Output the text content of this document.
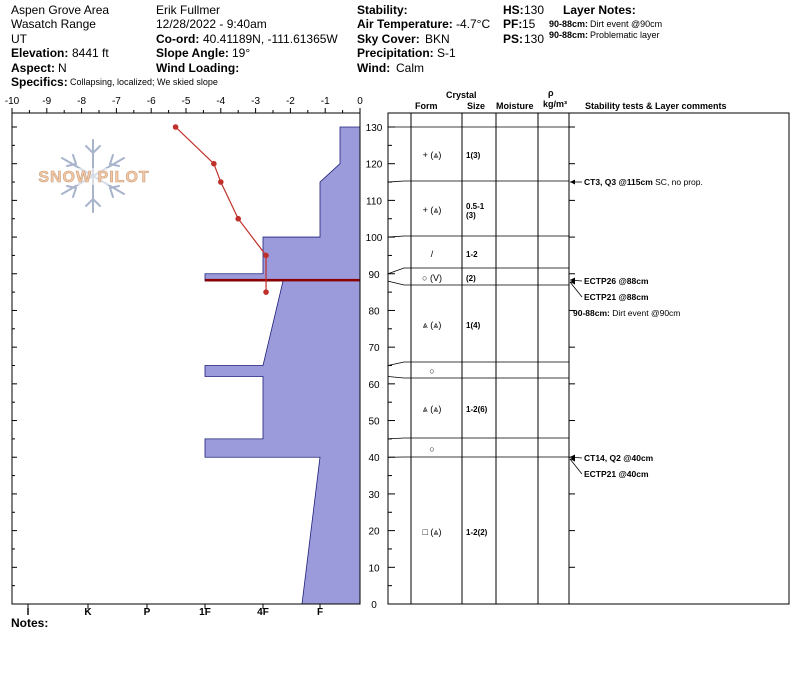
Aspen Grove Area
Wasatch Range
UT
Elevation: 8441 ft
Aspect: N
Erik Fullmer
12/28/2022 - 9:40am
Co-ord: 40.41189N, -111.61365W
Slope Angle: 19°
Wind Loading:
Stability:
Air Temperature: -4.7°C
Sky Cover: BKN
Precipitation: S-1
Wind: Calm
HS: 130
PF: 15
PS: 130
Layer Notes:
90-88cm: Dirt event @90cm
90-88cm: Problematic layer
Specifics: Collapsing, localized; We skied slope
Crystal
Form	Size Moisture
ρ
kg/m³ Stability tests & Layer comments
SNOW PILOT
-10 -9	-8	-7	-6	-5	-4	-3	-2	-1	0
I	K	P	1F	4F	F
0
10
20
30
40
50
60
70
80
90
100
110
120
130
+ (⩓)	1(3)
+ (⩓)	0.5-1
(3)
/	1-2
○ (V)	(2)
⩓ (⩓)	1(4)
○
⩓ (⩓)	1-2(6)
○
□ (⩓)	1-2(2)
CT3, Q3 @115cm SC, no prop.
ECTP26 @88cm
ECTP21 @88cm
90-88cm: Dirt event @90cm
CT14, Q2 @40cm
ECTP21 @40cm
Notes:
